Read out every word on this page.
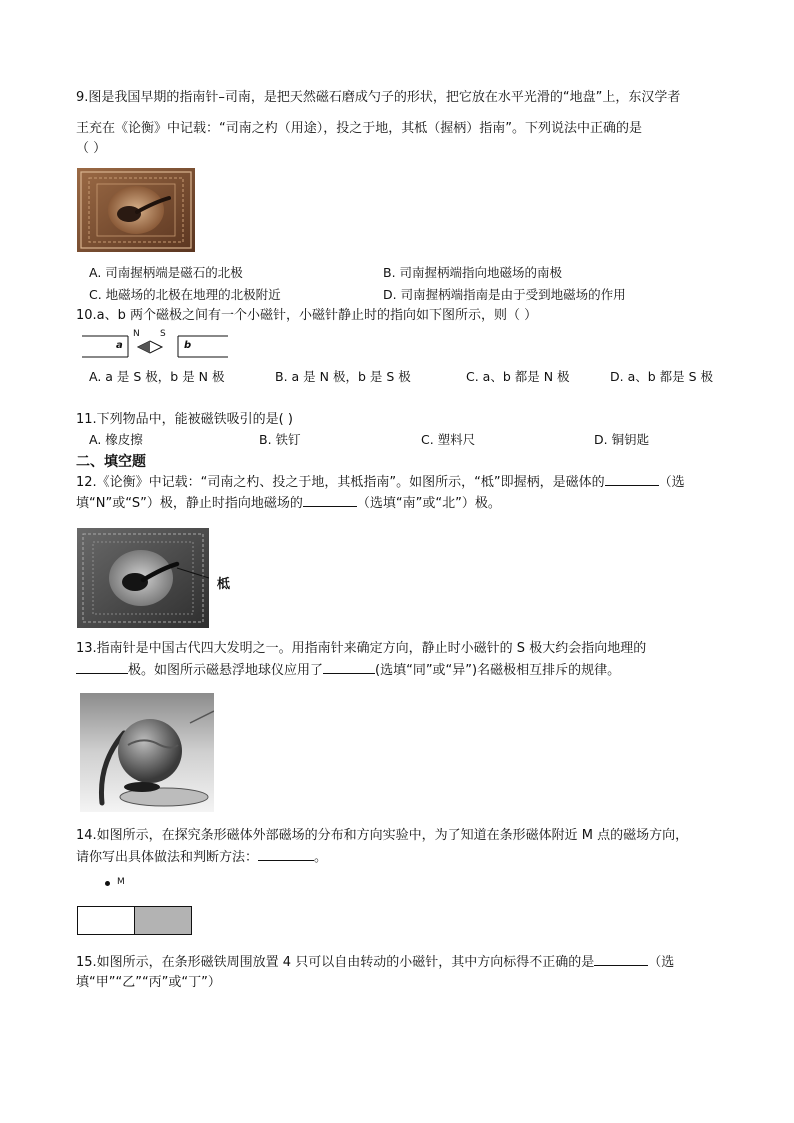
9.图是我国早期的指南针–司南，是把天然磁石磨成勺子的形状，把它放在水平光滑的“地盘”上，东汉学者
王充在《论衡》中记载：“司南之杓（用途），投之于地，其柢（握柄）指南”。下列说法中正确的是
（ ）
A. 司南握柄端是磁石的北极	B. 司南握柄端指向地磁场的南极
C. 地磁场的北极在地理的北极附近	D. 司南握柄端指南是由于受到地磁场的作用
10.a、b 两个磁极之间有一个小磁针，小磁针静止时的指向如下图所示，则（ ）
a	b
N S
A. a 是 S 极，b 是 N 极	B. a 是 N 极，b 是 S 极	C. a、b 都是 N 极	D. a、b 都是 S 极
11.下列物品中，能被磁铁吸引的是( )
A. 橡皮擦	B. 铁钉	C. 塑料尺	D. 铜钥匙
二、填空题
12.《论衡》中记载：“司南之杓、投之于地，其柢指南”。如图所示，“柢”即握柄，是磁体的	（选
填“N”或“S”）极，静止时指向地磁场的	（选填“南”或“北”）极。
柢
13.指南针是中国古代四大发明之一。用指南针来确定方向，静止时小磁针的 S 极大约会指向地理的
极。如图所示磁悬浮地球仪应用了	(选填“同”或“异”)名磁极相互排斥的规律。
14.如图所示，在探究条形磁体外部磁场的分布和方向实验中，为了知道在条形磁体附近 M 点的磁场方向，
请你写出具体做法和判断方法：	。
M
15.如图所示，在条形磁铁周围放置 4 只可以自由转动的小磁针，其中方向标得不正确的是	（选
填“甲”“乙”“丙”或“丁”）
